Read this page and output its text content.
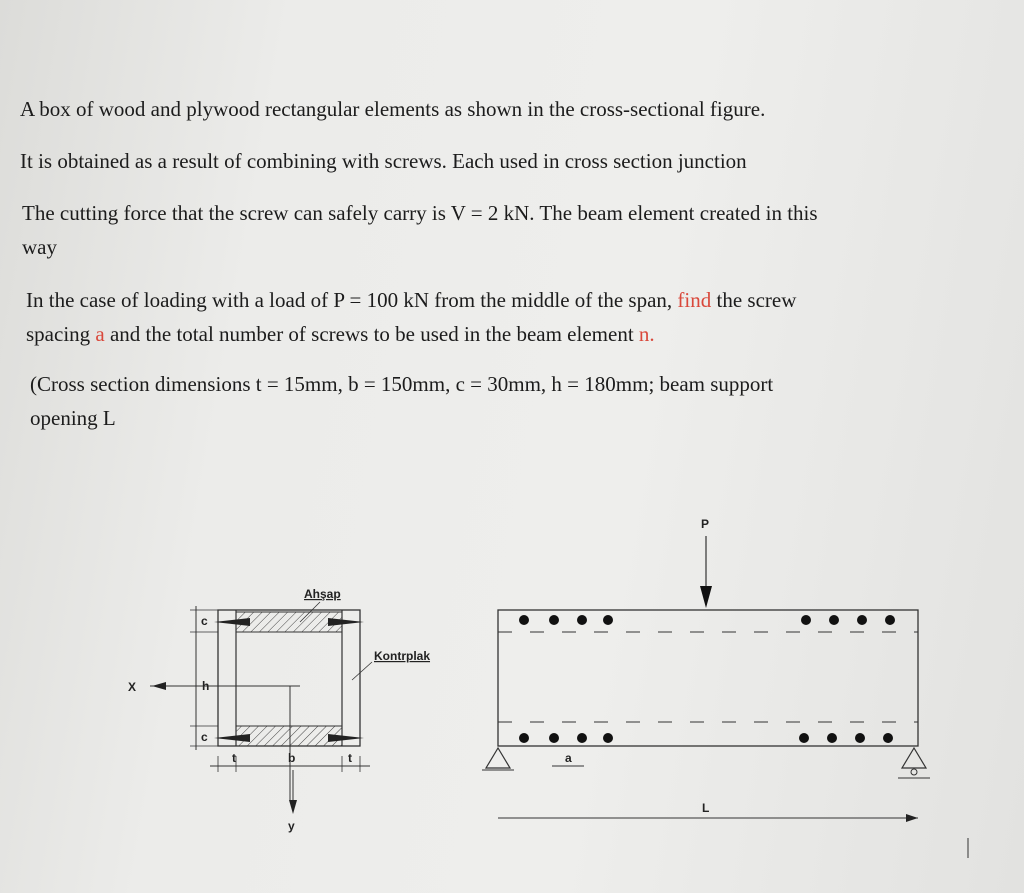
A box of wood and plywood rectangular elements as shown in the cross-sectional figure.

It is obtained as a result of combining with screws. Each used in cross section junction

The cutting force that the screw can safely carry is V = 2 kN. The beam element created in this
way

In the case of loading with a load of P = 100 kN from the middle of the span, find the screw
spacing a and the total number of screws to be used in the beam element n.

(Cross section dimensions t = 15mm, b = 150mm, c = 30mm, h = 180mm; beam support
opening L

X
y
c
h
c
t	b	t
Ahşap
Kontrplak
P
a
L
